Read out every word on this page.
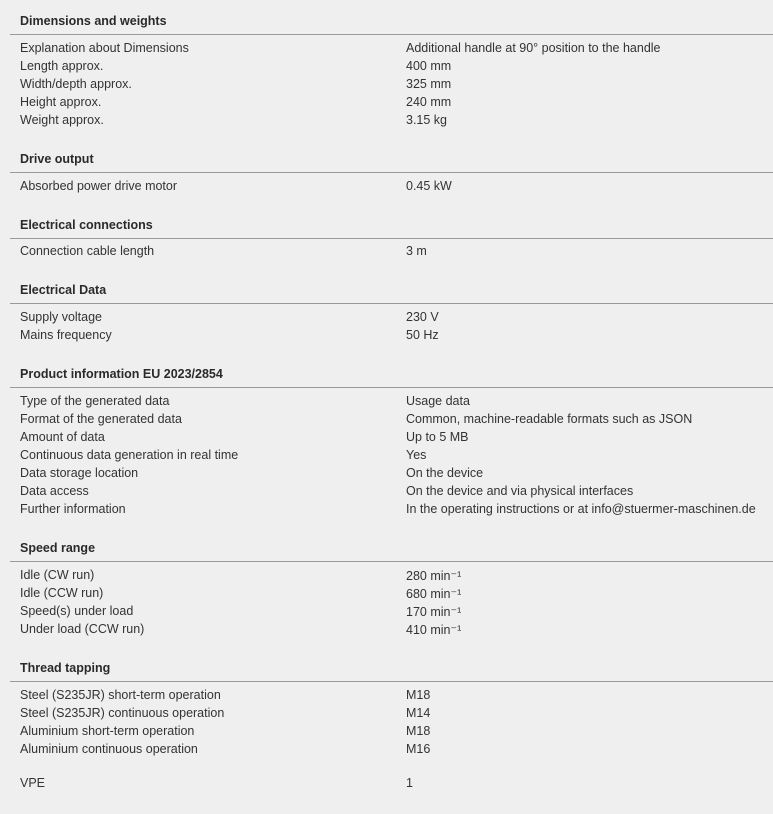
Dimensions and weights
Explanation about Dimensions	Additional handle at 90° position to the handle
Length approx.	400 mm
Width/depth approx.	325 mm
Height approx.	240 mm
Weight approx.	3.15 kg
Drive output
Absorbed power drive motor	0.45 kW
Electrical connections
Connection cable length	3 m
Electrical Data
Supply voltage	230 V
Mains frequency	50 Hz
Product information EU 2023/2854
Type of the generated data	Usage data
Format of the generated data	Common, machine-readable formats such as JSON
Amount of data	Up to 5 MB
Continuous data generation in real time	Yes
Data storage location	On the device
Data access	On the device and via physical interfaces
Further information	In the operating instructions or at info@stuermer-maschinen.de
Speed range
Idle (CW run)	280 min⁻¹
Idle (CCW run)	680 min⁻¹
Speed(s) under load	170 min⁻¹
Under load (CCW run)	410 min⁻¹
Thread tapping
Steel (S235JR) short-term operation	M18
Steel (S235JR) continuous operation	M14
Aluminium short-term operation	M18
Aluminium continuous operation	M16
VPE	1
